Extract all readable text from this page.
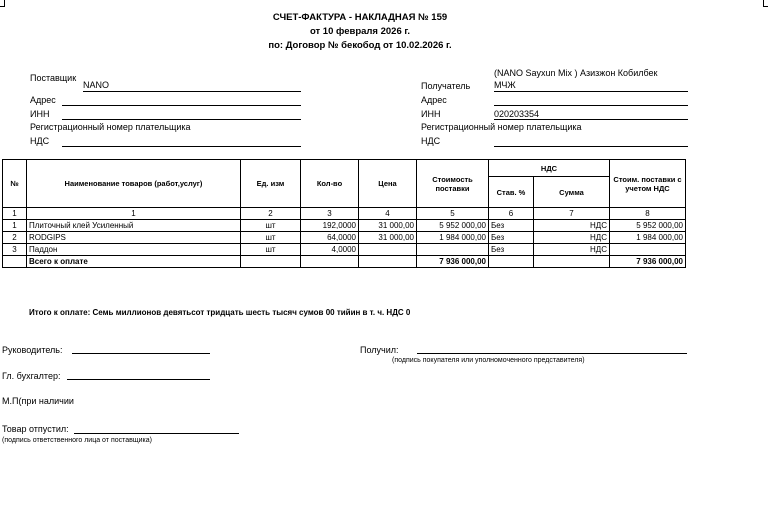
СЧЕТ-ФАКТУРА - НАКЛАДНАЯ № 159
от 10 февраля 2026 г.
по: Договор № бекобод от 10.02.2026 г.
Поставщик
NANO
Адрес
ИНН
Регистрационный номер плательщика
НДС
(NANO Sayxun Mix ) Азизжон Кобилбек
Получатель	МЧЖ
Адрес
ИНН	020203354
Регистрационный номер плательщика
НДС
№	Наименование товаров (работ,услуг)	Ед. изм	Кол-во	Цена	Стоимость поставки	НДС		Стоим. поставки с учетом НДС
						Став. %	Сумма	
1	1	2	3	4	5	6	7	8
1	Плиточный клей Усиленный	шт	192,0000	31 000,00	5 952 000,00	Без	НДС	5 952 000,00
2	RODGIPS	шт	64,0000	31 000,00	1 984 000,00	Без	НДС	1 984 000,00
3	Паддон	шт	4,0000			Без	НДС	
	Всего к оплате				7 936 000,00			7 936 000,00
Итого к оплате: Семь миллионов девятьсот тридцать шесть тысяч сумов 00 тийин в т. ч. НДС 0
Руководитель:	Получил:
(подпись покупателя или уполномоченного представителя)
Гл. бухгалтер:
М.П(при наличии
Товар отпустил:
(подпись ответственного лица от поставщика)
